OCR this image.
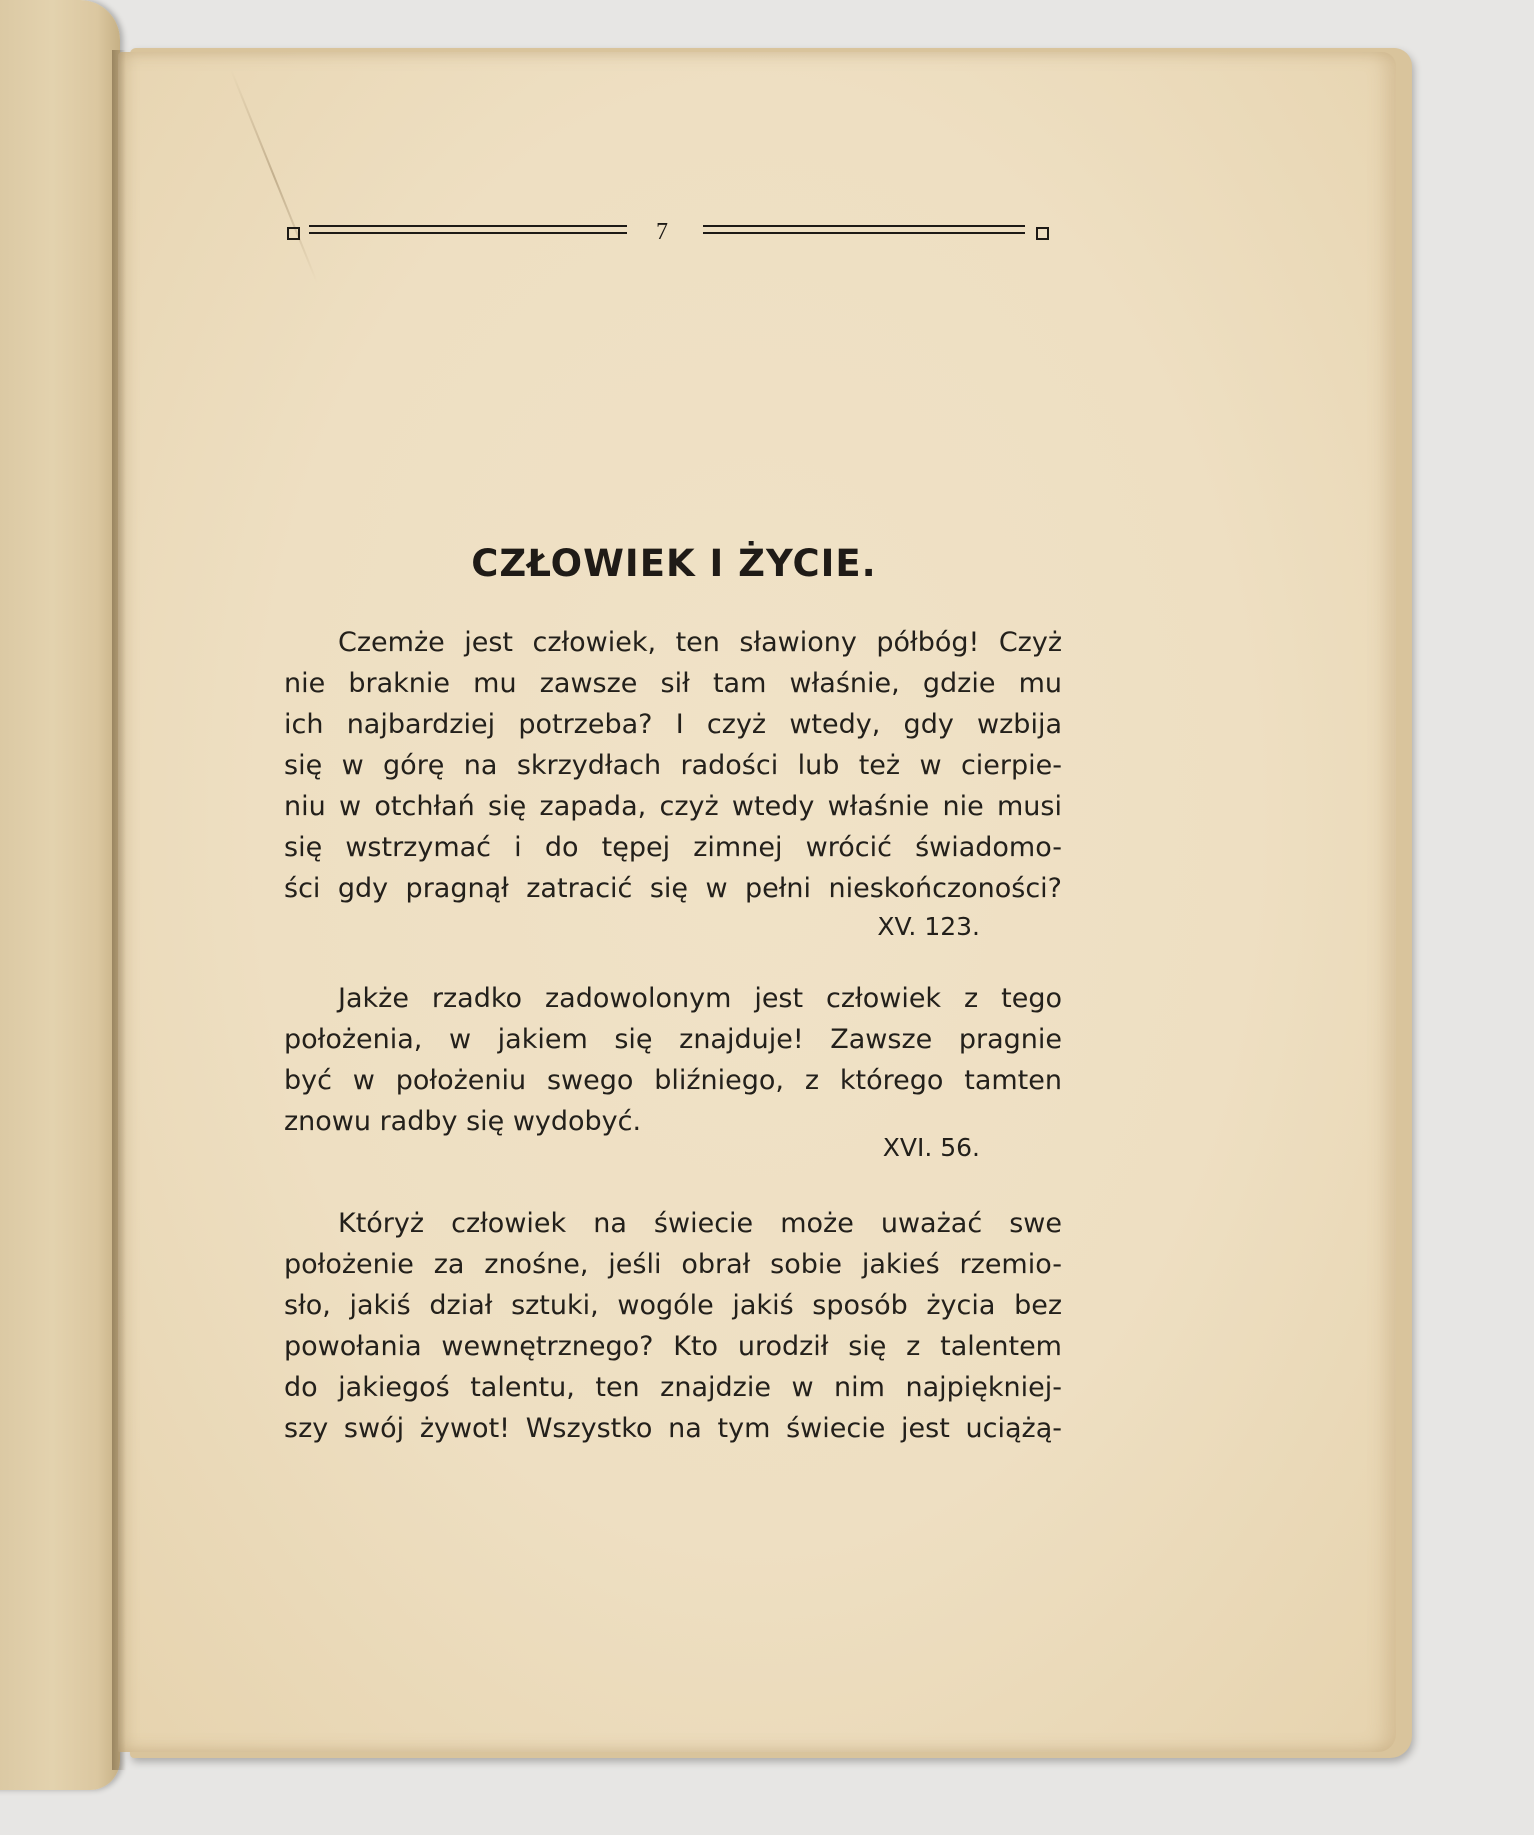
7
CZŁOWIEK I ŻYCIE.
Czemże jest człowiek, ten sławiony półbóg! Czyż
nie braknie mu zawsze sił tam właśnie, gdzie mu
ich najbardziej potrzeba? I czyż wtedy, gdy wzbija
się w górę na skrzydłach radości lub też w cierpie-
niu w otchłań się zapada, czyż wtedy właśnie nie musi
się wstrzymać i do tępej zimnej wrócić świadomo-
ści gdy pragnął zatracić się w pełni nieskończoności?
XV. 123.
Jakże rzadko zadowolonym jest człowiek z tego
położenia, w jakiem się znajduje! Zawsze pragnie
być w położeniu swego bliźniego, z którego tamten
znowu radby się wydobyć.
XVI. 56.
Któryż człowiek na świecie może uważać swe
położenie za znośne, jeśli obrał sobie jakieś rzemio-
sło, jakiś dział sztuki, wogóle jakiś sposób życia bez
powołania wewnętrznego? Kto urodził się z talentem
do jakiegoś talentu, ten znajdzie w nim najpiękniej-
szy swój żywot! Wszystko na tym świecie jest uciążą-
